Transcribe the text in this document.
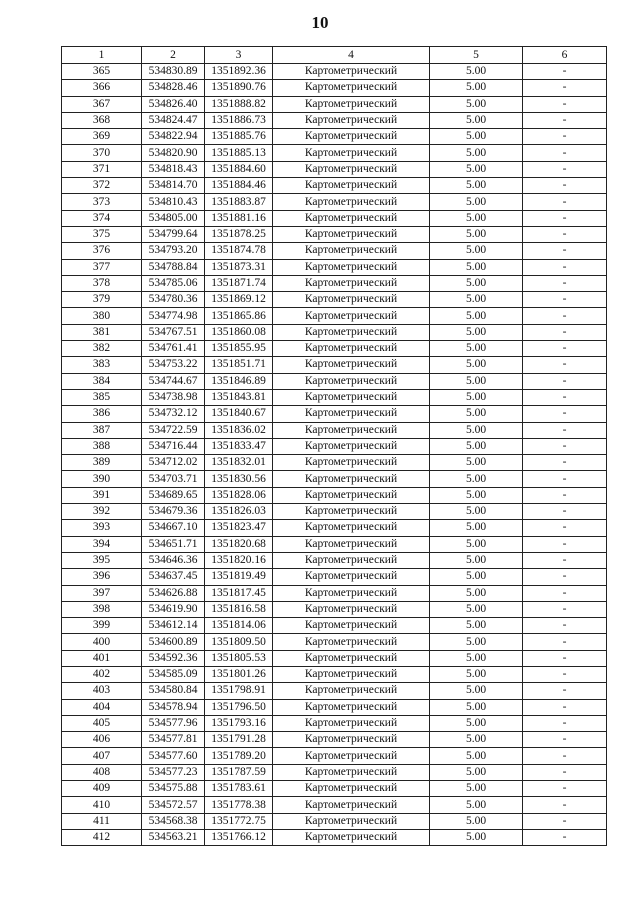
10
1	2	3	4	5	6
365	534830.89	1351892.36	Картометрический	5.00	-
366	534828.46	1351890.76	Картометрический	5.00	-
367	534826.40	1351888.82	Картометрический	5.00	-
368	534824.47	1351886.73	Картометрический	5.00	-
369	534822.94	1351885.76	Картометрический	5.00	-
370	534820.90	1351885.13	Картометрический	5.00	-
371	534818.43	1351884.60	Картометрический	5.00	-
372	534814.70	1351884.46	Картометрический	5.00	-
373	534810.43	1351883.87	Картометрический	5.00	-
374	534805.00	1351881.16	Картометрический	5.00	-
375	534799.64	1351878.25	Картометрический	5.00	-
376	534793.20	1351874.78	Картометрический	5.00	-
377	534788.84	1351873.31	Картометрический	5.00	-
378	534785.06	1351871.74	Картометрический	5.00	-
379	534780.36	1351869.12	Картометрический	5.00	-
380	534774.98	1351865.86	Картометрический	5.00	-
381	534767.51	1351860.08	Картометрический	5.00	-
382	534761.41	1351855.95	Картометрический	5.00	-
383	534753.22	1351851.71	Картометрический	5.00	-
384	534744.67	1351846.89	Картометрический	5.00	-
385	534738.98	1351843.81	Картометрический	5.00	-
386	534732.12	1351840.67	Картометрический	5.00	-
387	534722.59	1351836.02	Картометрический	5.00	-
388	534716.44	1351833.47	Картометрический	5.00	-
389	534712.02	1351832.01	Картометрический	5.00	-
390	534703.71	1351830.56	Картометрический	5.00	-
391	534689.65	1351828.06	Картометрический	5.00	-
392	534679.36	1351826.03	Картометрический	5.00	-
393	534667.10	1351823.47	Картометрический	5.00	-
394	534651.71	1351820.68	Картометрический	5.00	-
395	534646.36	1351820.16	Картометрический	5.00	-
396	534637.45	1351819.49	Картометрический	5.00	-
397	534626.88	1351817.45	Картометрический	5.00	-
398	534619.90	1351816.58	Картометрический	5.00	-
399	534612.14	1351814.06	Картометрический	5.00	-
400	534600.89	1351809.50	Картометрический	5.00	-
401	534592.36	1351805.53	Картометрический	5.00	-
402	534585.09	1351801.26	Картометрический	5.00	-
403	534580.84	1351798.91	Картометрический	5.00	-
404	534578.94	1351796.50	Картометрический	5.00	-
405	534577.96	1351793.16	Картометрический	5.00	-
406	534577.81	1351791.28	Картометрический	5.00	-
407	534577.60	1351789.20	Картометрический	5.00	-
408	534577.23	1351787.59	Картометрический	5.00	-
409	534575.88	1351783.61	Картометрический	5.00	-
410	534572.57	1351778.38	Картометрический	5.00	-
411	534568.38	1351772.75	Картометрический	5.00	-
412	534563.21	1351766.12	Картометрический	5.00	-
